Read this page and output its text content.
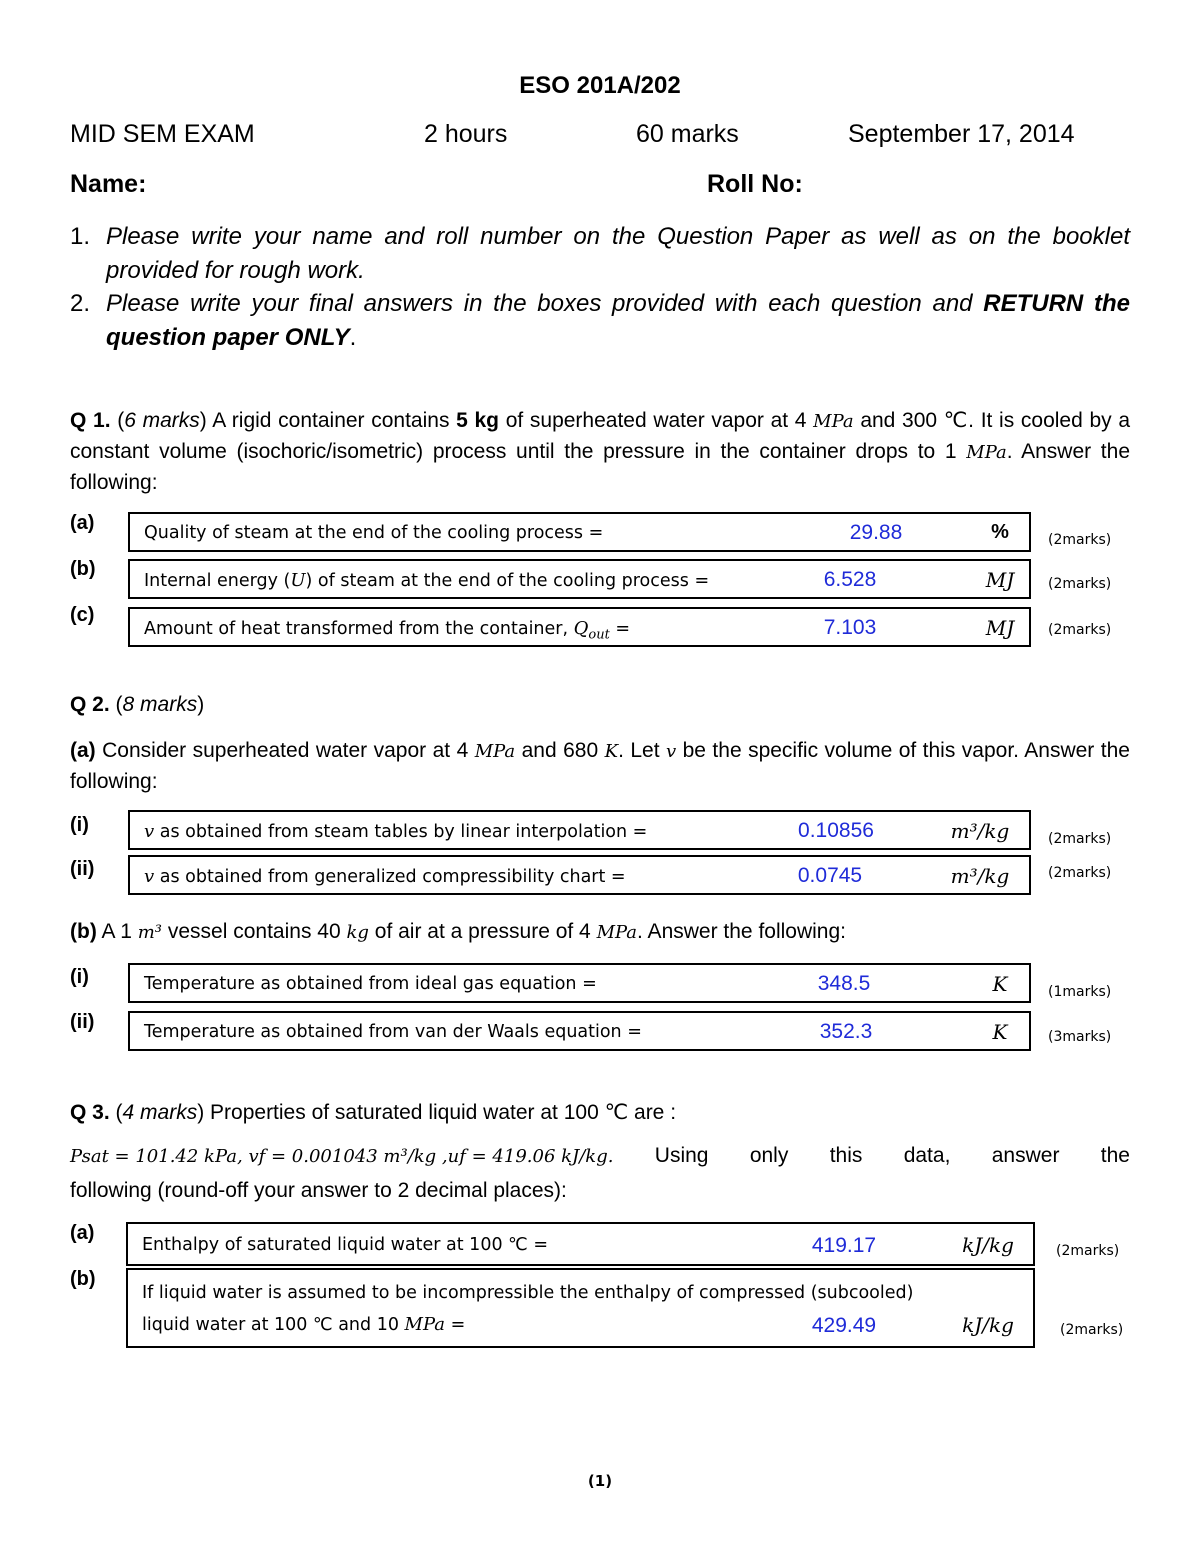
ESO 201A/202
MID SEM EXAM	2 hours	60 marks	September 17, 2014
Name:	Roll No:
1. Please write your name and roll number on the Question Paper as well as on the booklet provided for rough work.
2. Please write your final answers in the boxes provided with each question and RETURN the question paper ONLY.
Q 1. (6 marks) A rigid container contains 5 kg of superheated water vapor at 4 MPa and 300 ℃. It is cooled by a constant volume (isochoric/isometric) process until the pressure in the container drops to 1 MPa. Answer the following:
(a)	Quality of steam at the end of the cooling process =	29.88	%	(2marks)
(b)
Internal energy (U) of steam at the end of the cooling process =	6.528	MJ	(2marks)
(c)
Amount of heat transformed from the container, $Q_{out}$ =	7.103	MJ	(2marks)
Q 2. (8 marks)
(a) Consider superheated water vapor at 4 MPa and 680 K. Let v be the specific volume of this vapor. Answer the following:
(i)	v as obtained from steam tables by linear interpolation =	0.10856	m³/kg	(2marks)
(ii)	v as obtained from generalized compressibility chart =	0.0745	m³/kg	(2marks)
(b) A 1 m³ vessel contains 40 kg of air at a pressure of 4 MPa. Answer the following:
(i)	Temperature as obtained from ideal gas equation =	348.5	K	(1marks)
(ii)	Temperature as obtained from van der Waals equation =	352.3	K	(3marks)
Q 3. (4 marks) Properties of saturated liquid water at 100 ℃ are :
Psat = 101.42 kPa, vf = 0.001043 m³/kg ,uf = 419.06 kJ/kg. Using only this data, answer the
following (round-off your answer to 2 decimal places):
(a)
Enthalpy of saturated liquid water at 100 ℃ =	419.17	kJ/kg	(2marks)
(b)
If liquid water is assumed to be incompressible the enthalpy of compressed (subcooled)
liquid water at 100 ℃ and 10 MPa =	429.49	kJ/kg	(2marks)
(1)
